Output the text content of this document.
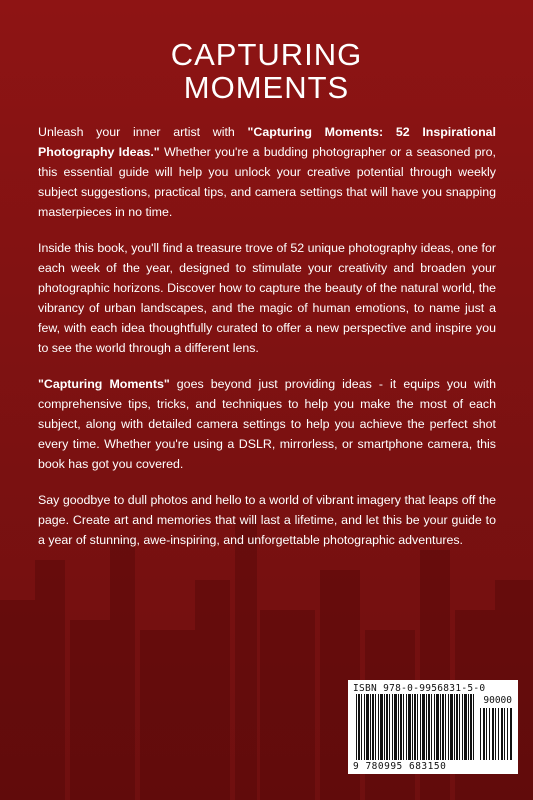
CAPTURING
MOMENTS

Unleash your inner artist with "Capturing Moments: 52 Inspirational Photography Ideas." Whether you're a budding photographer or a seasoned pro, this essential guide will help you unlock your creative potential through weekly subject suggestions, practical tips, and camera settings that will have you snapping masterpieces in no time.

Inside this book, you'll find a treasure trove of 52 unique photography ideas, one for each week of the year, designed to stimulate your creativity and broaden your photographic horizons. Discover how to capture the beauty of the natural world, the vibrancy of urban landscapes, and the magic of human emotions, to name just a few, with each idea thoughtfully curated to offer a new perspective and inspire you to see the world through a different lens.

"Capturing Moments" goes beyond just providing ideas - it equips you with comprehensive tips, tricks, and techniques to help you make the most of each subject, along with detailed camera settings to help you achieve the perfect shot every time. Whether you're using a DSLR, mirrorless, or smartphone camera, this book has got you covered.

Say goodbye to dull photos and hello to a world of vibrant imagery that leaps off the page. Create art and memories that will last a lifetime, and let this be your guide to a year of stunning, awe-inspiring, and unforgettable photographic adventures.

ISBN 978-0-9956831-5-0
90000
9 780995 683150
